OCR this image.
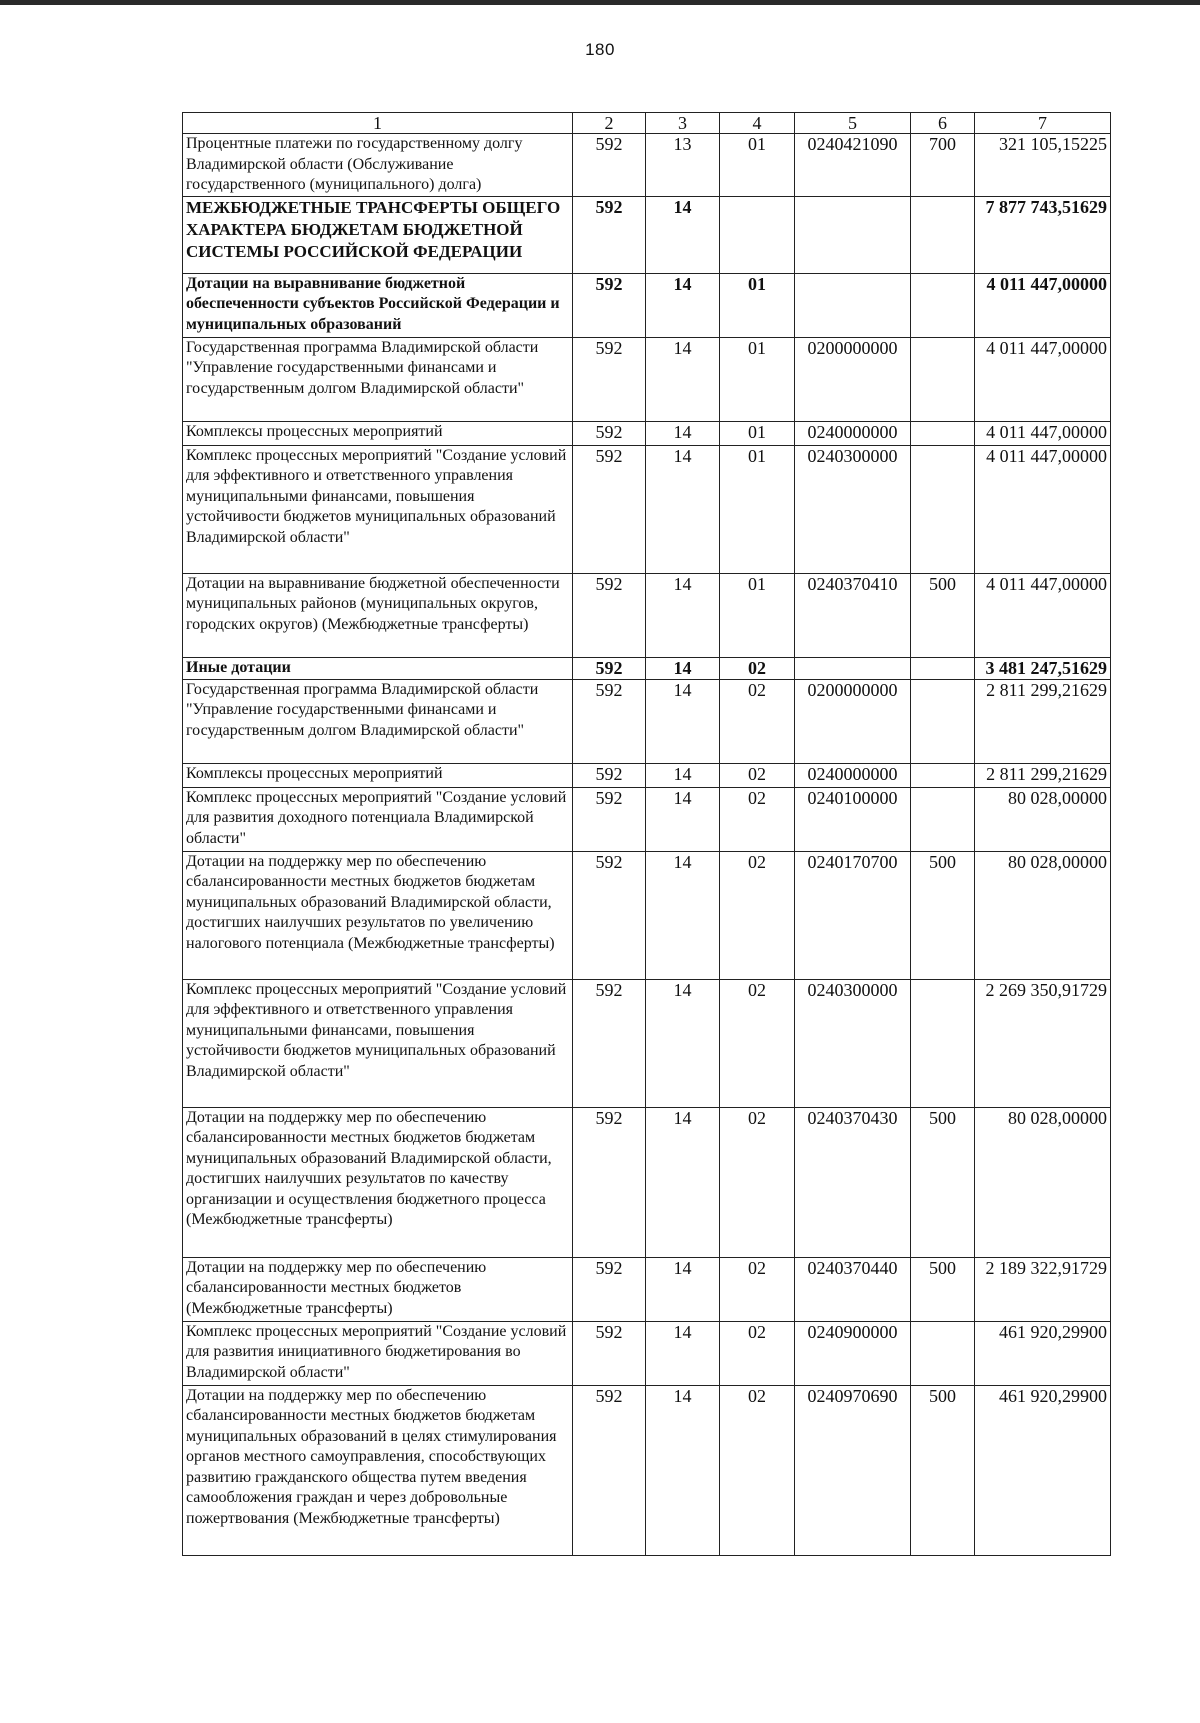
180
1	2	3	4	5	6	7
Процентные платежи по государственному долгу Владимирской области (Обслуживание государственного (муниципального) долга)	592	13	01	0240421090	700	321 105,15225
МЕЖБЮДЖЕТНЫЕ ТРАНСФЕРТЫ ОБЩЕГО ХАРАКТЕРА БЮДЖЕТАМ БЮДЖЕТНОЙ СИСТЕМЫ РОССИЙСКОЙ ФЕДЕРАЦИИ	592	14				7 877 743,51629
Дотации на выравнивание бюджетной обеспеченности субъектов Российской Федерации и муниципальных образований	592	14	01			4 011 447,00000
Государственная программа Владимирской области "Управление государственными финансами и государственным долгом Владимирской области"	592	14	01	0200000000		4 011 447,00000
Комплексы процессных мероприятий	592	14	01	0240000000		4 011 447,00000
Комплекс процессных мероприятий "Создание условий для эффективного и ответственного управления муниципальными финансами, повышения устойчивости бюджетов муниципальных образований Владимирской области"	592	14	01	0240300000		4 011 447,00000
Дотации на выравнивание бюджетной обеспеченности муниципальных районов (муниципальных округов, городских округов) (Межбюджетные трансферты)	592	14	01	0240370410	500	4 011 447,00000
Иные дотации	592	14	02			3 481 247,51629
Государственная программа Владимирской области "Управление государственными финансами и государственным долгом Владимирской области"	592	14	02	0200000000		2 811 299,21629
Комплексы процессных мероприятий	592	14	02	0240000000		2 811 299,21629
Комплекс процессных мероприятий "Создание условий для развития доходного потенциала Владимирской области"	592	14	02	0240100000		80 028,00000
Дотации на поддержку мер по обеспечению сбалансированности местных бюджетов бюджетам муниципальных образований Владимирской области, достигших наилучших результатов по увеличению налогового потенциала (Межбюджетные трансферты)	592	14	02	0240170700	500	80 028,00000
Комплекс процессных мероприятий "Создание условий для эффективного и ответственного управления муниципальными финансами, повышения устойчивости бюджетов муниципальных образований Владимирской области"	592	14	02	0240300000		2 269 350,91729
Дотации на поддержку мер по обеспечению сбалансированности местных бюджетов бюджетам муниципальных образований Владимирской области, достигших наилучших результатов по качеству организации и осуществления бюджетного процесса (Межбюджетные трансферты)	592	14	02	0240370430	500	80 028,00000
Дотации на поддержку мер по обеспечению сбалансированности местных бюджетов (Межбюджетные трансферты)	592	14	02	0240370440	500	2 189 322,91729
Комплекс процессных мероприятий "Создание условий для развития инициативного бюджетирования во Владимирской области"	592	14	02	0240900000		461 920,29900
Дотации на поддержку мер по обеспечению сбалансированности местных бюджетов бюджетам муниципальных образований в целях стимулирования органов местного самоуправления, способствующих развитию гражданского общества путем введения самообложения граждан и через добровольные пожертвования (Межбюджетные трансферты)	592	14	02	0240970690	500	461 920,29900
